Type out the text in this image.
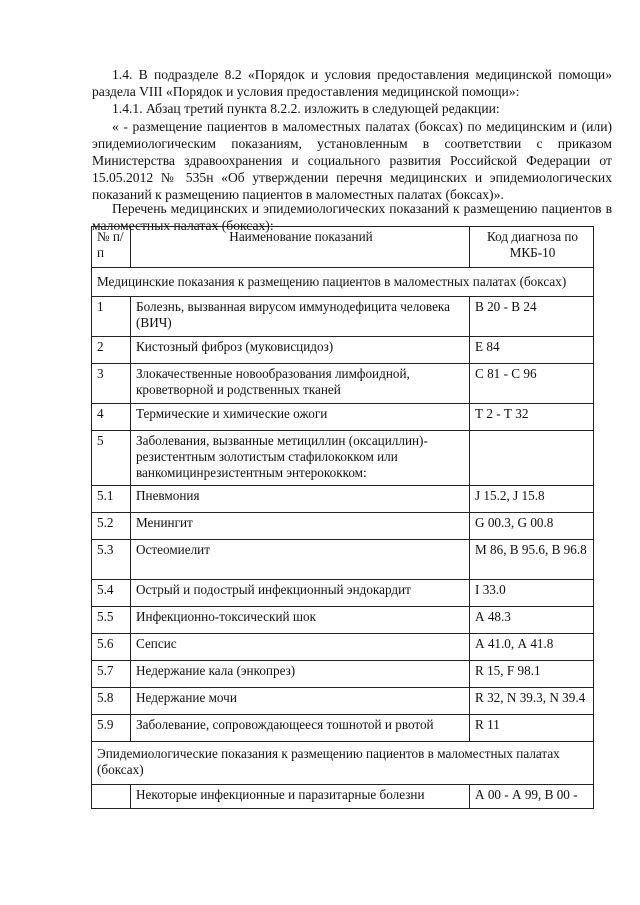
1.4. В подразделе 8.2 «Порядок и условия предоставления медицинской помощи» раздела VIII «Порядок и условия предоставления медицинской помощи»:
1.4.1. Абзац третий пункта 8.2.2. изложить в следующей редакции:
« - размещение пациентов в маломестных палатах (боксах) по медицинским и (или) эпидемиологическим показаниям, установленным в соответствии с приказом Министерства здравоохранения и социального развития Российской Федерации от 15.05.2012 № 535н «Об утверждении перечня медицинских и эпидемиологических показаний к размещению пациентов в маломестных палатах (боксах)».
Перечень медицинских и эпидемиологических показаний к размещению пациентов в маломестных палатах (боксах):
№ п/п	Наименование показаний	Код диагноза по МКБ-10
Медицинские показания к размещению пациентов в маломестных палатах (боксах)		
1	Болезнь, вызванная вирусом иммунодефицита человека (ВИЧ)	В 20 - В 24
2	Кистозный фиброз (муковисцидоз)	Е 84
3	Злокачественные новообразования лимфоидной, кроветворной и родственных тканей	С 81 - С 96
4	Термические и химические ожоги	Т 2 - Т 32
5	Заболевания, вызванные метициллин (оксациллин)-резистентным золотистым стафилококком или ванкомицинрезистентным энтерококком:	
5.1	Пневмония	J 15.2, J 15.8
5.2	Менингит	G 00.3, G 00.8
5.3	Остеомиелит	М 86, В 95.6, В 96.8
5.4	Острый и подострый инфекционный эндокардит	I 33.0
5.5	Инфекционно-токсический шок	А 48.3
5.6	Сепсис	А 41.0, А 41.8
5.7	Недержание кала (энкопрез)	R 15, F 98.1
5.8	Недержание мочи	R 32, N 39.3, N 39.4
5.9	Заболевание, сопровождающееся тошнотой и рвотой	R 11
Эпидемиологические показания к размещению пациентов в маломестных палатах (боксах)		
	Некоторые инфекционные и паразитарные болезни	А 00 - А 99, В 00 -
